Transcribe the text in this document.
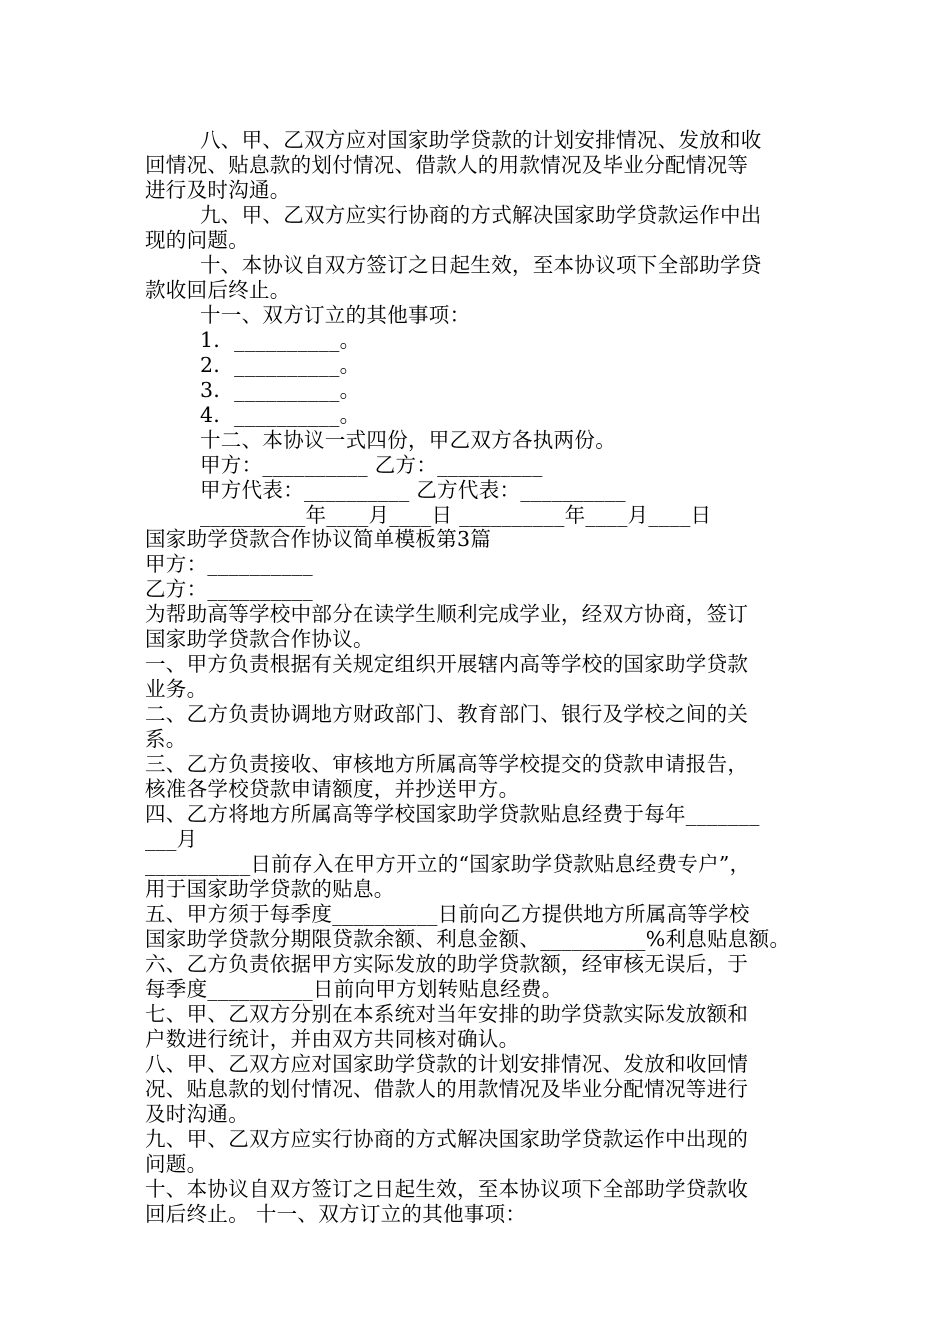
八、甲、乙双方应对国家助学贷款的计划安排情况、发放和收
回情况、贴息款的划付情况、借款人的用款情况及毕业分配情况等
进行及时沟通。
九、甲、乙双方应实行协商的方式解决国家助学贷款运作中出
现的问题。
十、本协议自双方签订之日起生效，至本协议项下全部助学贷
款收回后终止。
十一、双方订立的其他事项：
1．__________。
2．__________。
3．__________。
4．__________。
十二、本协议一式四份，甲乙双方各执两份。
甲方：__________ 乙方：__________
甲方代表：__________ 乙方代表：__________
__________年____月____日 __________年____月____日
国家助学贷款合作协议简单模板第3篇
甲方：__________
乙方：__________
为帮助高等学校中部分在读学生顺利完成学业，经双方协商，签订
国家助学贷款合作协议。
一、甲方负责根据有关规定组织开展辖内高等学校的国家助学贷款
业务。
二、乙方负责协调地方财政部门、教育部门、银行及学校之间的关
系。
三、乙方负责接收、审核地方所属高等学校提交的贷款申请报告，
核准各学校贷款申请额度，并抄送甲方。
四、乙方将地方所属高等学校国家助学贷款贴息经费于每年_______
___月
__________日前存入在甲方开立的“国家助学贷款贴息经费专户”，
用于国家助学贷款的贴息。
五、甲方须于每季度__________日前向乙方提供地方所属高等学校
国家助学贷款分期限贷款余额、利息金额、__________%利息贴息额。
六、乙方负责依据甲方实际发放的助学贷款额，经审核无误后，于
每季度__________日前向甲方划转贴息经费。
七、甲、乙双方分别在本系统对当年安排的助学贷款实际发放额和
户数进行统计，并由双方共同核对确认。
八、甲、乙双方应对国家助学贷款的计划安排情况、发放和收回情
况、贴息款的划付情况、借款人的用款情况及毕业分配情况等进行
及时沟通。
九、甲、乙双方应实行协商的方式解决国家助学贷款运作中出现的
问题。
十、本协议自双方签订之日起生效，至本协议项下全部助学贷款收
回后终止。 十一、双方订立的其他事项：
